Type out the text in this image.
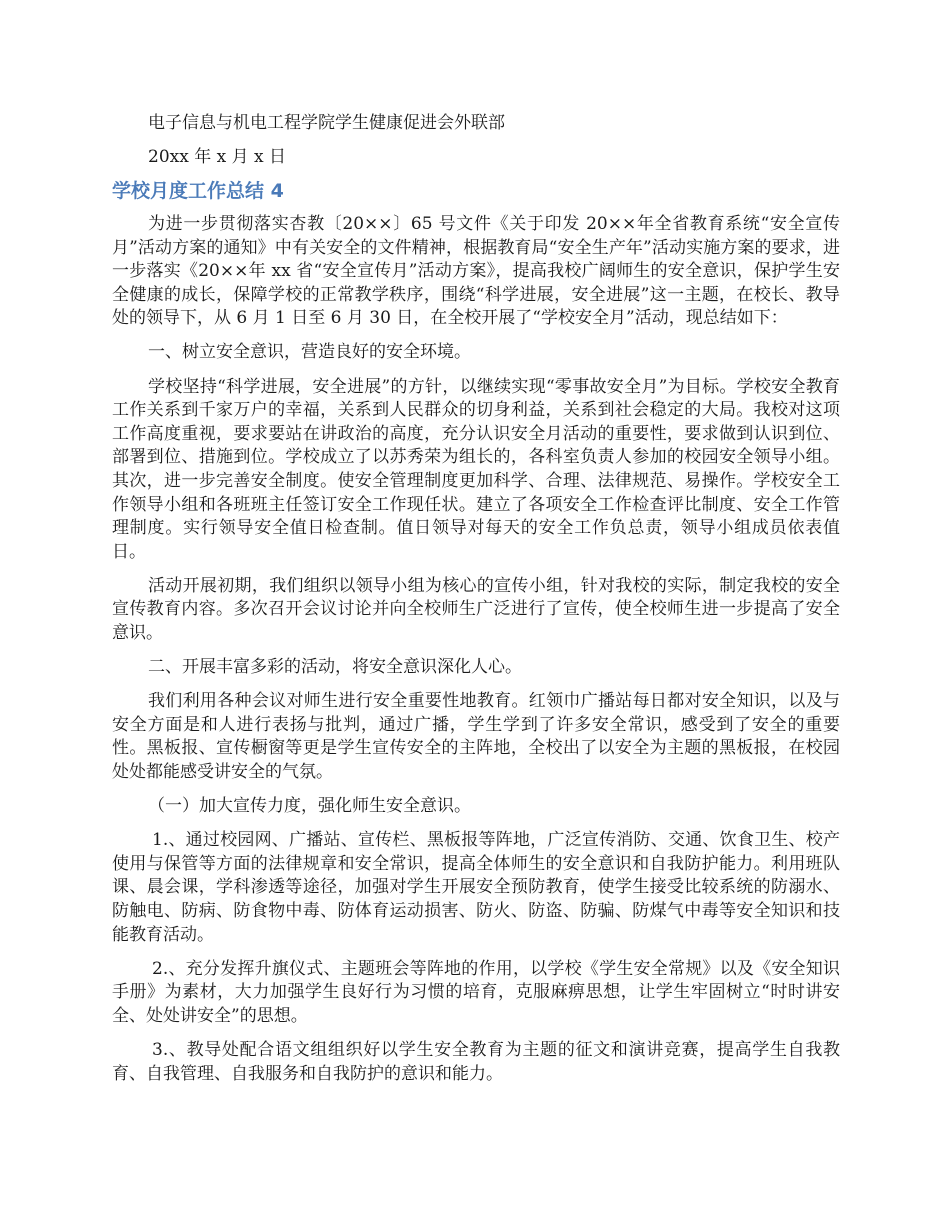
电子信息与机电工程学院学生健康促进会外联部

20xx 年 x 月 x 日

学校月度工作总结 4

为进一步贯彻落实杏教〔20××〕65 号文件《关于印发 20××年全省教育系统“安全宣传月”活动方案的通知》中有关安全的文件精神，根据教育局“安全生产年”活动实施方案的要求，进一步落实《20××年 xx 省“安全宣传月”活动方案》，提高我校广阔师生的安全意识，保护学生安全健康的成长，保障学校的正常教学秩序，围绕“科学进展，安全进展”这一主题，在校长、教导处的领导下，从 6 月 1 日至 6 月 30 日，在全校开展了“学校安全月”活动，现总结如下：

一、树立安全意识，营造良好的安全环境。

学校坚持“科学进展，安全进展”的方针，以继续实现“零事故安全月”为目标。学校安全教育工作关系到千家万户的幸福，关系到人民群众的切身利益，关系到社会稳定的大局。我校对这项工作高度重视，要求要站在讲政治的高度，充分认识安全月活动的重要性，要求做到认识到位、部署到位、措施到位。学校成立了以苏秀荣为组长的，各科室负责人参加的校园安全领导小组。其次，进一步完善安全制度。使安全管理制度更加科学、合理、法律规范、易操作。学校安全工作领导小组和各班班主任签订安全工作现任状。建立了各项安全工作检查评比制度、安全工作管理制度。实行领导安全值日检查制。值日领导对每天的安全工作负总责，领导小组成员依表值日。

活动开展初期，我们组织以领导小组为核心的宣传小组，针对我校的实际，制定我校的安全宣传教育内容。多次召开会议讨论并向全校师生广泛进行了宣传，使全校师生进一步提高了安全意识。

二、开展丰富多彩的活动，将安全意识深化人心。

我们利用各种会议对师生进行安全重要性地教育。红领巾广播站每日都对安全知识，以及与安全方面是和人进行表扬与批判，通过广播，学生学到了许多安全常识，感受到了安全的重要性。黑板报、宣传橱窗等更是学生宣传安全的主阵地，全校出了以安全为主题的黑板报，在校园处处都能感受讲安全的气氛。

（一）加大宣传力度，强化师生安全意识。

1.、通过校园网、广播站、宣传栏、黑板报等阵地，广泛宣传消防、交通、饮食卫生、校产使用与保管等方面的法律规章和安全常识，提高全体师生的安全意识和自我防护能力。利用班队课、晨会课，学科渗透等途径，加强对学生开展安全预防教育，使学生接受比较系统的防溺水、防触电、防病、防食物中毒、防体育运动损害、防火、防盗、防骗、防煤气中毒等安全知识和技能教育活动。

2.、充分发挥升旗仪式、主题班会等阵地的作用，以学校《学生安全常规》以及《安全知识手册》为素材，大力加强学生良好行为习惯的培育，克服麻痹思想，让学生牢固树立“时时讲安全、处处讲安全”的思想。

3.、教导处配合语文组组织好以学生安全教育为主题的征文和演讲竞赛，提高学生自我教育、自我管理、自我服务和自我防护的意识和能力。
